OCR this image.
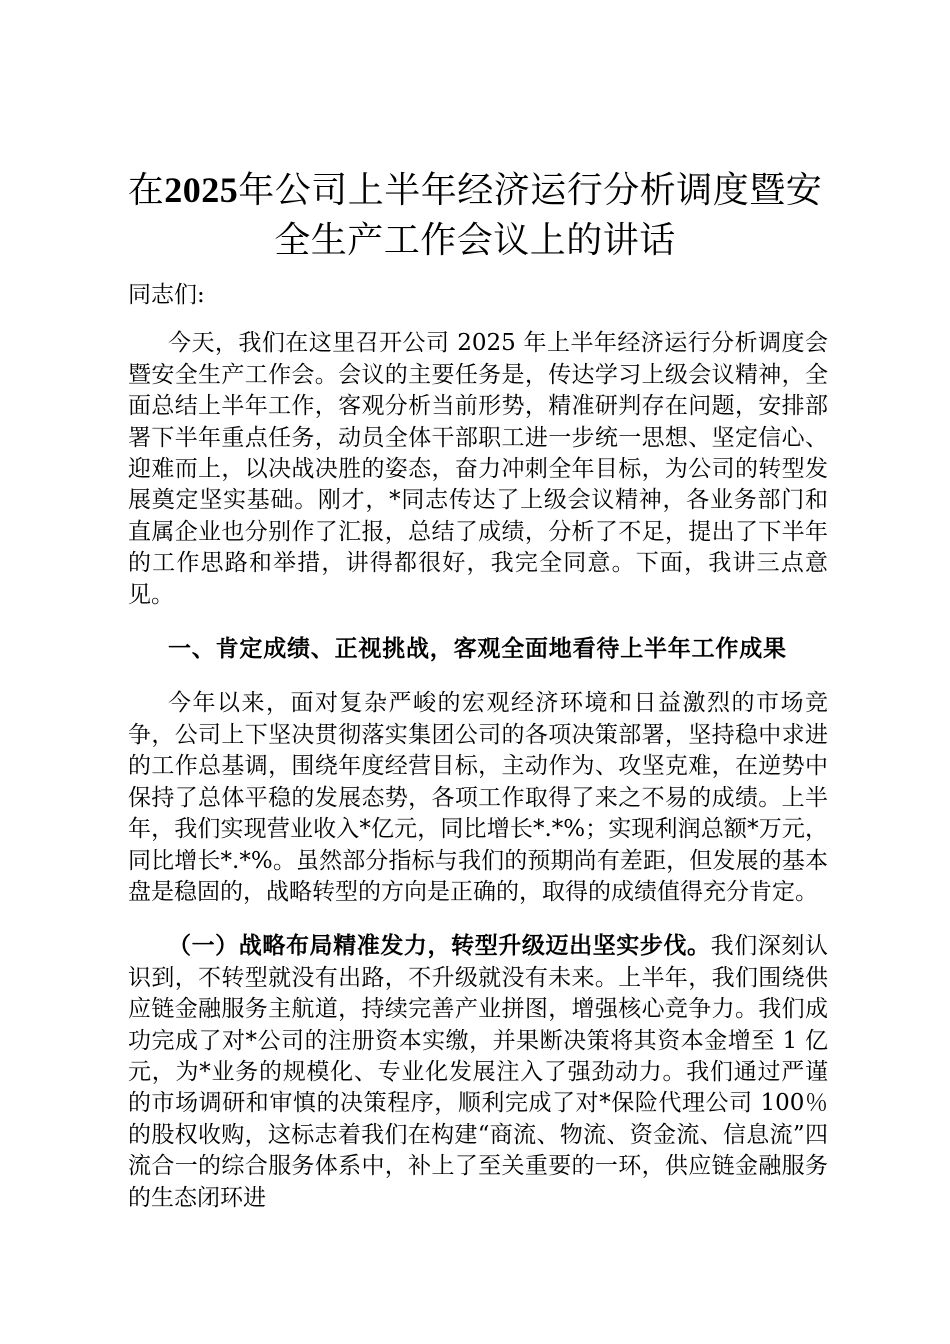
在2025年公司上半年经济运行分析调度暨安全生产工作会议上的讲话

同志们:

今天，我们在这里召开公司 2025 年上半年经济运行分析调度会暨安全生产工作会。会议的主要任务是，传达学习上级会议精神，全面总结上半年工作，客观分析当前形势，精准研判存在问题，安排部署下半年重点任务，动员全体干部职工进一步统一思想、坚定信心、迎难而上，以决战决胜的姿态，奋力冲刺全年目标，为公司的转型发展奠定坚实基础。刚才，*同志传达了上级会议精神，各业务部门和直属企业也分别作了汇报，总结了成绩，分析了不足，提出了下半年的工作思路和举措，讲得都很好，我完全同意。下面，我讲三点意见。

一、肯定成绩、正视挑战，客观全面地看待上半年工作成果

今年以来，面对复杂严峻的宏观经济环境和日益激烈的市场竞争，公司上下坚决贯彻落实集团公司的各项决策部署，坚持稳中求进的工作总基调，围绕年度经营目标，主动作为、攻坚克难，在逆势中保持了总体平稳的发展态势，各项工作取得了来之不易的成绩。上半年，我们实现营业收入*亿元，同比增长*.*%；实现利润总额*万元，同比增长*.*%。虽然部分指标与我们的预期尚有差距，但发展的基本盘是稳固的，战略转型的方向是正确的，取得的成绩值得充分肯定。

（一）战略布局精准发力，转型升级迈出坚实步伐。我们深刻认识到，不转型就没有出路，不升级就没有未来。上半年，我们围绕供应链金融服务主航道，持续完善产业拼图，增强核心竞争力。我们成功完成了对*公司的注册资本实缴，并果断决策将其资本金增至 1 亿元，为*业务的规模化、专业化发展注入了强劲动力。我们通过严谨的市场调研和审慎的决策程序，顺利完成了对*保险代理公司 100％的股权收购，这标志着我们在构建“商流、物流、资金流、信息流”四流合一的综合服务体系中，补上了至关重要的一环，供应链金融服务的生态闭环进
